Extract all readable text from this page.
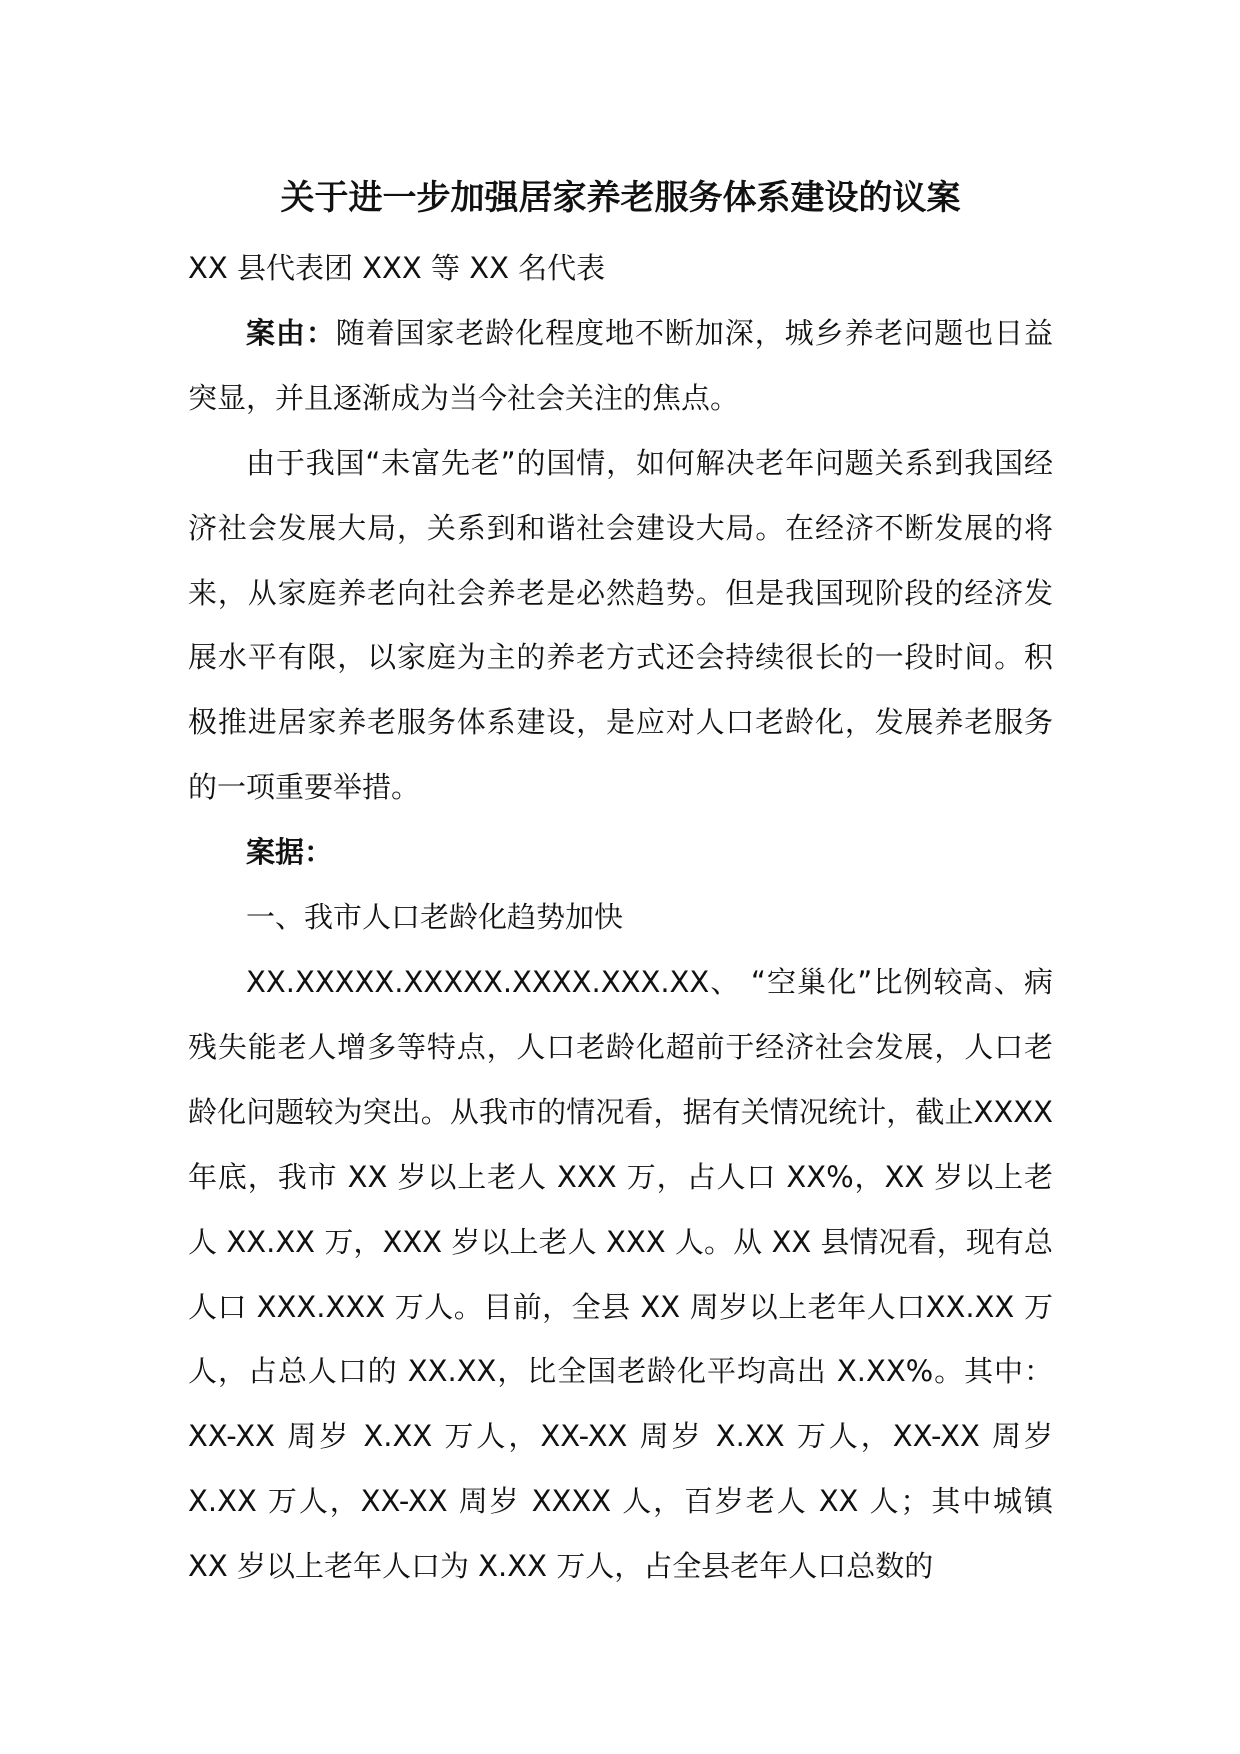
关于进一步加强居家养老服务体系建设的议案

XX 县代表团 XXX 等 XX 名代表

案由：随着国家老龄化程度地不断加深，城乡养老问题也日益突显，并且逐渐成为当今社会关注的焦点。

由于我国“未富先老”的国情，如何解决老年问题关系到我国经济社会发展大局，关系到和谐社会建设大局。在经济不断发展的将来，从家庭养老向社会养老是必然趋势。但是我国现阶段的经济发展水平有限，以家庭为主的养老方式还会持续很长的一段时间。积极推进居家养老服务体系建设，是应对人口老龄化，发展养老服务的一项重要举措。

案据：

一、我市人口老龄化趋势加快

XX.XXXXX.XXXXX.XXXX.XXX.XX、 “空巢化”比例较高、病残失能老人增多等特点，人口老龄化超前于经济社会发展，人口老龄化问题较为突出。从我市的情况看，据有关情况统计，截止XXXX 年底，我市 XX 岁以上老人 XXX 万，占人口 XX%，XX 岁以上老人 XX.XX 万，XXX 岁以上老人 XXX 人。从 XX 县情况看，现有总人口 XXX.XXX 万人。目前，全县 XX 周岁以上老年人口XX.XX 万人，占总人口的 XX.XX，比全国老龄化平均高出 X.XX%。其中：XX-XX 周岁 X.XX 万人，XX-XX 周岁 X.XX 万人，XX-XX 周岁 X.XX 万人，XX-XX 周岁 XXXX 人，百岁老人 XX 人；其中城镇 XX 岁以上老年人口为 X.XX 万人，占全县老年人口总数的
